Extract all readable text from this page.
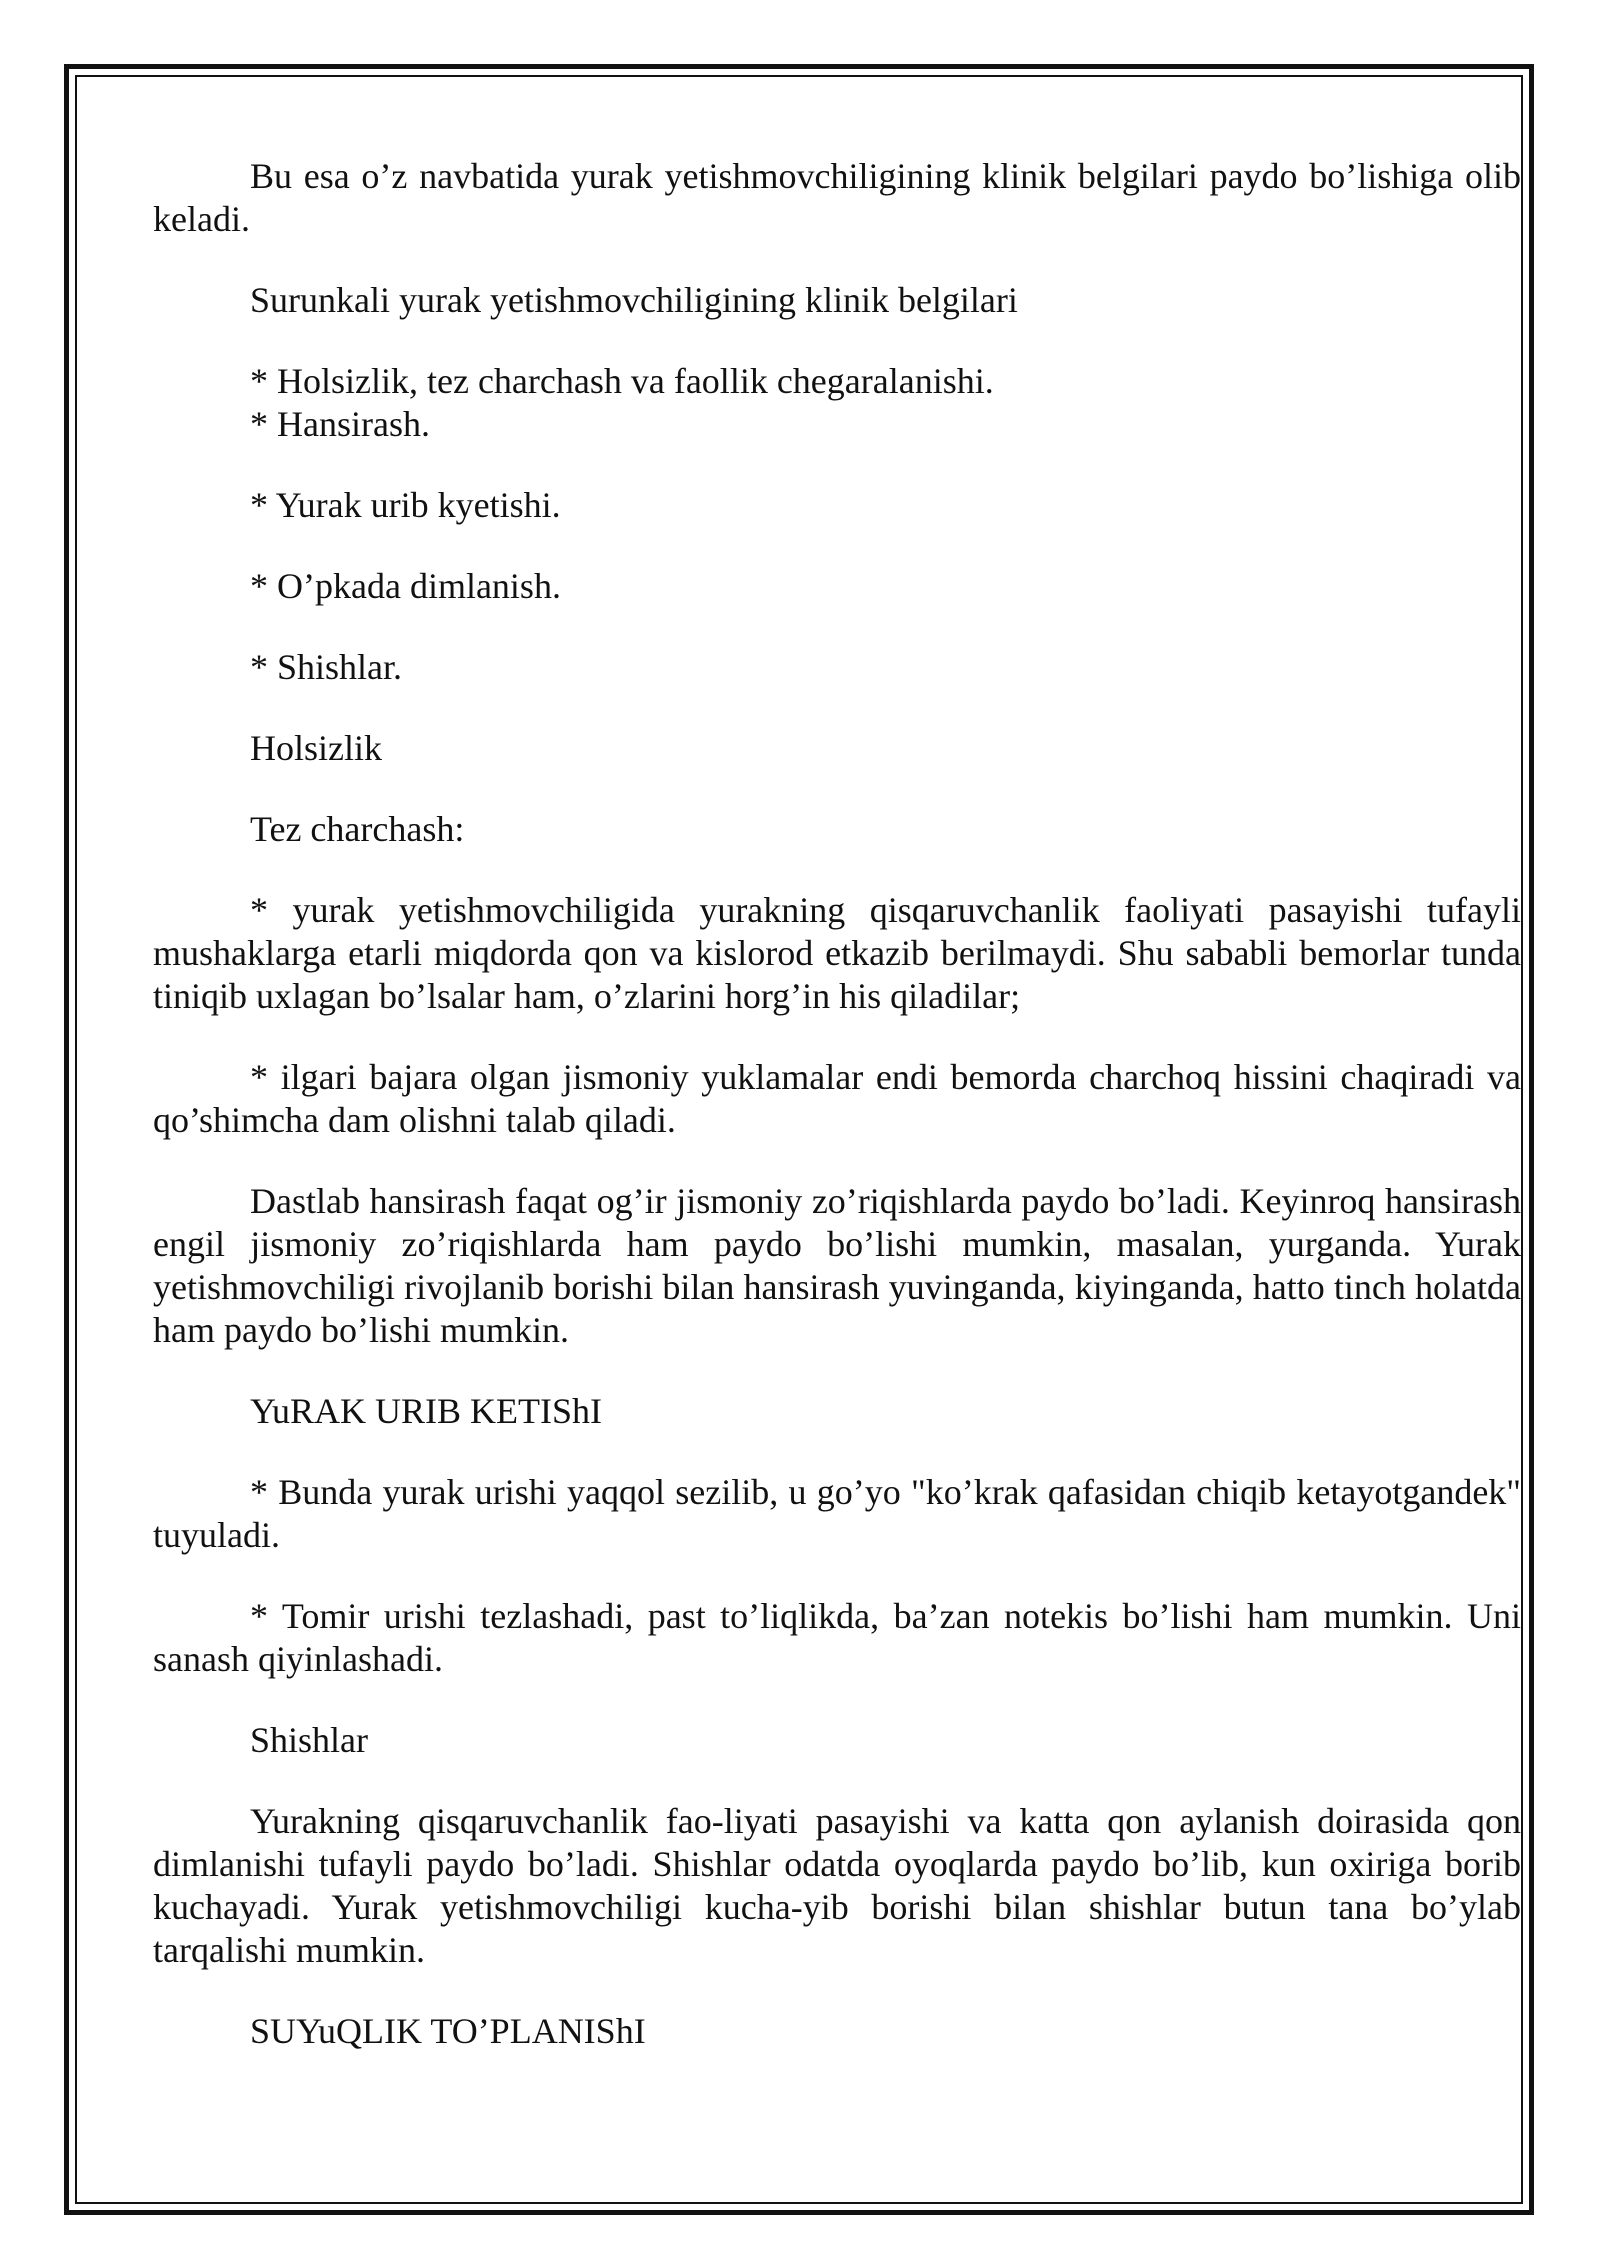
Bu esa o’z navbatida yurak yetishmovchiligining klinik belgilari paydo bo’lishiga olib keladi.

Surunkali yurak yetishmovchiligining klinik belgilari

* Holsizlik, tez charchash va faollik chegaralanishi.

* Hansirash.

* Yurak urib kyetishi.

* O’pkada dimlanish.

* Shishlar.

Holsizlik

Tez charchash:

* yurak yetishmovchiligida yurakning qisqaruvchanlik faoliyati pasayishi tufayli mushaklarga etarli miqdorda qon va kislorod etkazib berilmaydi. Shu sababli bemorlar tunda tiniqib uxlagan bo’lsalar ham, o’zlarini horg’in his qiladilar;

* ilgari bajara olgan jismoniy yuklamalar endi bemorda charchoq hissini chaqiradi va qo’shimcha dam olishni talab qiladi.

Dastlab hansirash faqat og’ir jismoniy zo’riqishlarda paydo bo’ladi. Keyinroq hansirash engil jismoniy zo’riqishlarda ham paydo bo’lishi mumkin, masalan, yurganda. Yurak yetishmovchiligi rivojlanib borishi bilan hansirash yuvinganda, kiyinganda, hatto tinch holatda ham paydo bo’lishi mumkin.

YuRAK URIB KETIShI

* Bunda yurak urishi yaqqol sezilib, u go’yo "ko’krak qafasidan chiqib ketayotgandek" tuyuladi.

* Tomir urishi tezlashadi, past to’liqlikda, ba’zan notekis bo’lishi ham mumkin. Uni sanash qiyinlashadi.

Shishlar

Yurakning qisqaruvchanlik fao-liyati pasayishi va katta qon aylanish doirasida qon dimlanishi tufayli paydo bo’ladi. Shishlar odatda oyoqlarda paydo bo’lib, kun oxiriga borib kuchayadi. Yurak yetishmovchiligi kucha-yib borishi bilan shishlar butun tana bo’ylab tarqalishi mumkin.

SUYuQLIK TO’PLANIShI
